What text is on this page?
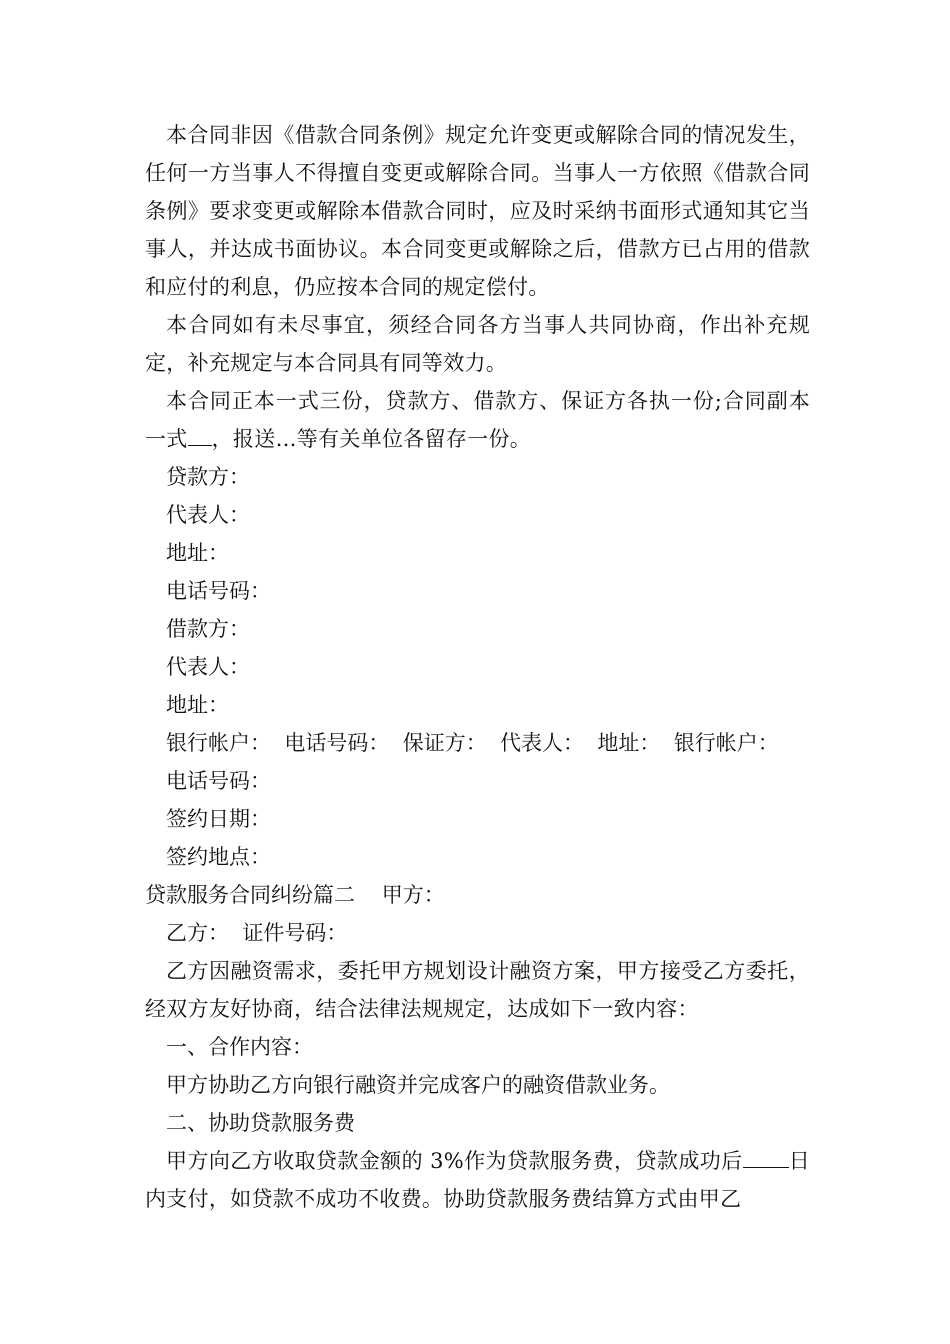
本合同非因《借款合同条例》规定允许变更或解除合同的情况发生，任何一方当事人不得擅自变更或解除合同。当事人一方依照《借款合同条例》要求变更或解除本借款合同时，应及时采纳书面形式通知其它当事人，并达成书面协议。本合同变更或解除之后，借款方已占用的借款和应付的利息，仍应按本合同的规定偿付。

本合同如有未尽事宜，须经合同各方当事人共同协商，作出补充规定，补充规定与本合同具有同等效力。

本合同正本一式三份，贷款方、借款方、保证方各执一份;合同副本一式 ，报送…等有关单位各留存一份。

贷款方：

代表人：

地址：

电话号码：

借款方：

代表人：

地址：

银行帐户：  电话号码：  保证方：  代表人：  地址：  银行帐户：

电话号码：

签约日期：

签约地点：

贷款服务合同纠纷篇二    甲方：

乙方：  证件号码：

乙方因融资需求，委托甲方规划设计融资方案，甲方接受乙方委托，经双方友好协商，结合法律法规规定，达成如下一致内容：

一、合作内容：

甲方协助乙方向银行融资并完成客户的融资借款业务。

二、协助贷款服务费

甲方向乙方收取贷款金额的 3%作为贷款服务费，贷款成功后 日内支付，如贷款不成功不收费。协助贷款服务费结算方式由甲乙
